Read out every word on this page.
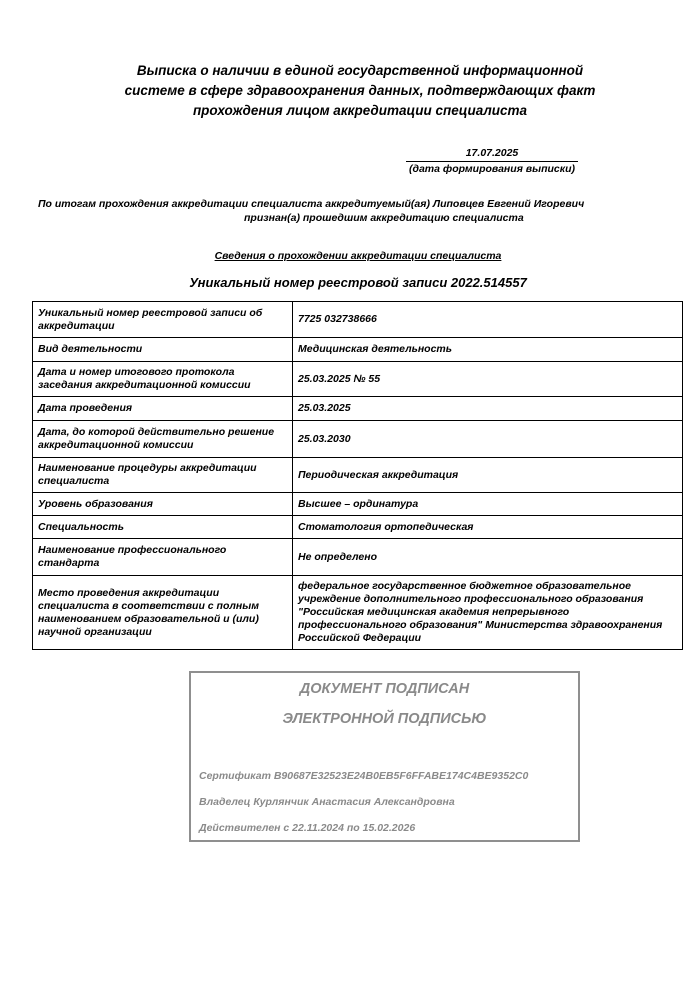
Выписка о наличии в единой государственной информационной
системе в сфере здравоохранения данных, подтверждающих факт
прохождения лицом аккредитации специалиста
17.07.2025
(дата формирования выписки)
По итогам прохождения аккредитации специалиста аккредитуемый(ая) Липовцев Евгений Игоревич
признан(а) прошедшим аккредитацию специалиста
Сведения о прохождении аккредитации специалиста
Уникальный номер реестровой записи 2022.514557
Уникальный номер реестровой записи об аккредитации	7725 032738666
Вид деятельности	Медицинская деятельность
Дата и номер итогового протокола заседания аккредитационной комиссии	25.03.2025 № 55
Дата проведения	25.03.2025
Дата, до которой действительно решение аккредитационной комиссии	25.03.2030
Наименование процедуры аккредитации специалиста	Периодическая аккредитация
Уровень образования	Высшее – ординатура
Специальность	Стоматология ортопедическая
Наименование профессионального стандарта	Не определено
Место проведения аккредитации специалиста в соответствии с полным наименованием образовательной и (или) научной организации	федеральное государственное бюджетное образовательное учреждение дополнительного профессионального образования "Российская медицинская академия непрерывного профессионального образования" Министерства здравоохранения Российской Федерации
ДОКУМЕНТ ПОДПИСАН
ЭЛЕКТРОННОЙ ПОДПИСЬЮ
Сертификат B90687E32523E24B0EB5F6FFABE174C4BE9352C0
Владелец Курлянчик Анастасия Александровна
Действителен с 22.11.2024 по 15.02.2026
